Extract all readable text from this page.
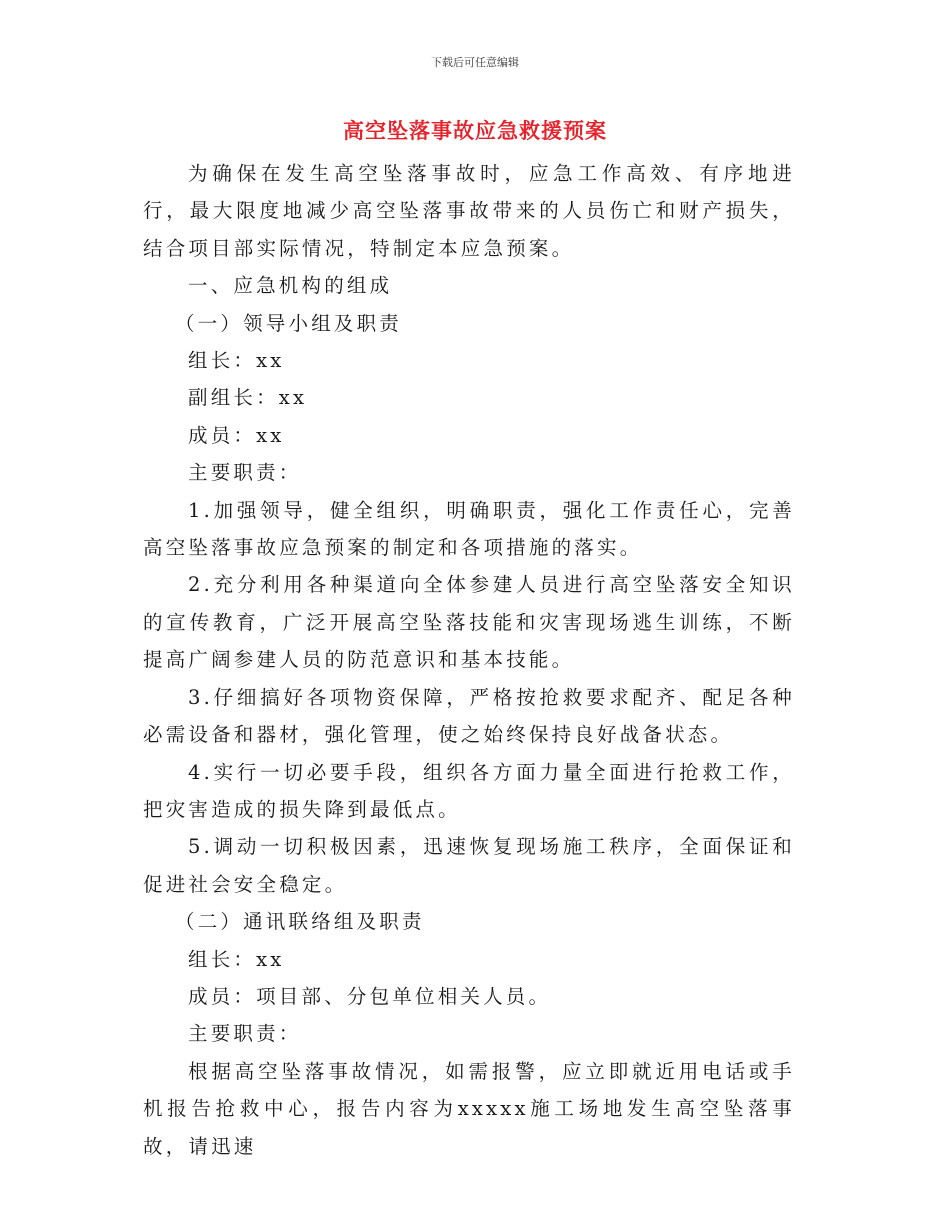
下载后可任意编辑
高空坠落事故应急救援预案

为确保在发生高空坠落事故时，应急工作高效、有序地进行，最大限度地减少高空坠落事故带来的人员伤亡和财产损失，结合项目部实际情况，特制定本应急预案。

一、应急机构的组成

（一）领导小组及职责

组长：xx

副组长：xx

成员：xx

主要职责：

1.加强领导，健全组织，明确职责，强化工作责任心，完善高空坠落事故应急预案的制定和各项措施的落实。

2.充分利用各种渠道向全体参建人员进行高空坠落安全知识的宣传教育，广泛开展高空坠落技能和灾害现场逃生训练，不断提高广阔参建人员的防范意识和基本技能。

3.仔细搞好各项物资保障，严格按抢救要求配齐、配足各种必需设备和器材，强化管理，使之始终保持良好战备状态。

4.实行一切必要手段，组织各方面力量全面进行抢救工作，把灾害造成的损失降到最低点。

5.调动一切积极因素，迅速恢复现场施工秩序，全面保证和促进社会安全稳定。

（二）通讯联络组及职责

组长：xx

成员：项目部、分包单位相关人员。

主要职责：

根据高空坠落事故情况，如需报警，应立即就近用电话或手机报告抢救中心，报告内容为xxxxx施工场地发生高空坠落事故，请迅速
